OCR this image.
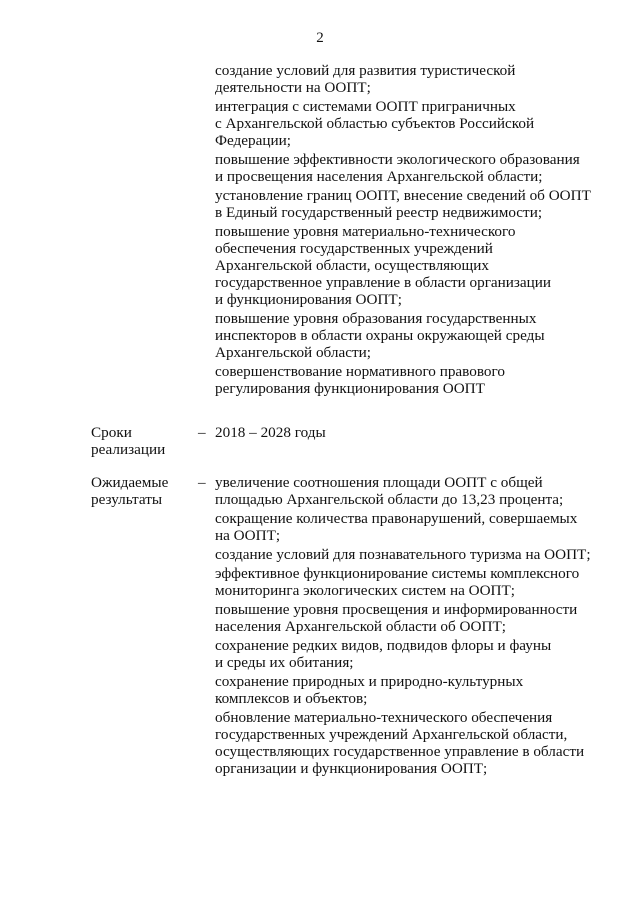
2

создание условий для развития туристической
деятельности на ООПТ;

интеграция с системами ООПТ приграничных
с Архангельской областью субъектов Российской
Федерации;

повышение эффективности экологического образования
и просвещения населения Архангельской области;

установление границ ООПТ, внесение сведений об ООПТ
в Единый государственный реестр недвижимости;

повышение уровня материально-технического
обеспечения государственных учреждений
Архангельской области, осуществляющих
государственное управление в области организации
и функционирования ООПТ;

повышение уровня образования государственных
инспекторов в области охраны окружающей среды
Архангельской области;

совершенствование нормативного правового
регулирования функционирования ООПТ

Сроки
реализации
– 2018 – 2028 годы
Ожидаемые
результаты
– увеличение соотношения площади ООПТ с общей
площадью Архангельской области до 13,23 процента;

сокращение количества правонарушений, совершаемых
на ООПТ;

создание условий для познавательного туризма на ООПТ;

эффективное функционирование системы комплексного
мониторинга экологических систем на ООПТ;

повышение уровня просвещения и информированности
населения Архангельской области об ООПТ;

сохранение редких видов, подвидов флоры и фауны
и среды их обитания;

сохранение природных и природно-культурных
комплексов и объектов;

обновление материально-технического обеспечения
государственных учреждений Архангельской области,
осуществляющих государственное управление в области
организации и функционирования ООПТ;
